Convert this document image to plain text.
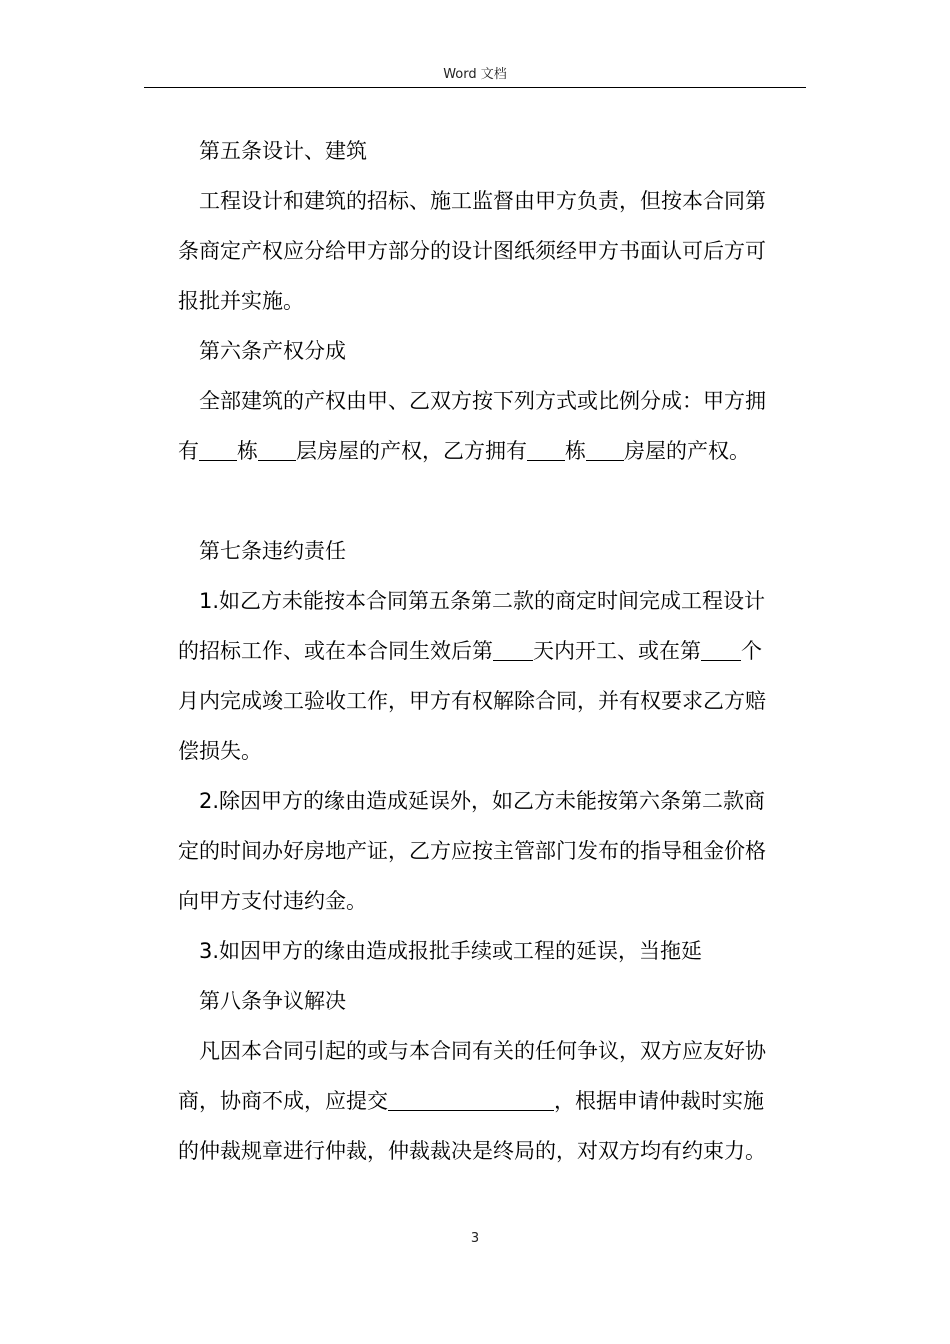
Word 文档
第五条设计、建筑
工程设计和建筑的招标、施工监督由甲方负责，但按本合同第
条商定产权应分给甲方部分的设计图纸须经甲方书面认可后方可
报批并实施。
第六条产权分成
全部建筑的产权由甲、乙双方按下列方式或比例分成：甲方拥
有 栋 层房屋的产权，乙方拥有 栋 房屋的产权。
第七条违约责任
1.如乙方未能按本合同第五条第二款的商定时间完成工程设计
的招标工作、或在本合同生效后第 天内开工、或在第 个
月内完成竣工验收工作，甲方有权解除合同，并有权要求乙方赔
偿损失。
2.除因甲方的缘由造成延误外，如乙方未能按第六条第二款商
定的时间办好房地产证，乙方应按主管部门发布的指导租金价格
向甲方支付违约金。
3.如因甲方的缘由造成报批手续或工程的延误，当拖延
第八条争议解决
凡因本合同引起的或与本合同有关的任何争议，双方应友好协
商，协商不成，应提交	，根据申请仲裁时实施
的仲裁规章进行仲裁，仲裁裁决是终局的，对双方均有约束力。
3
